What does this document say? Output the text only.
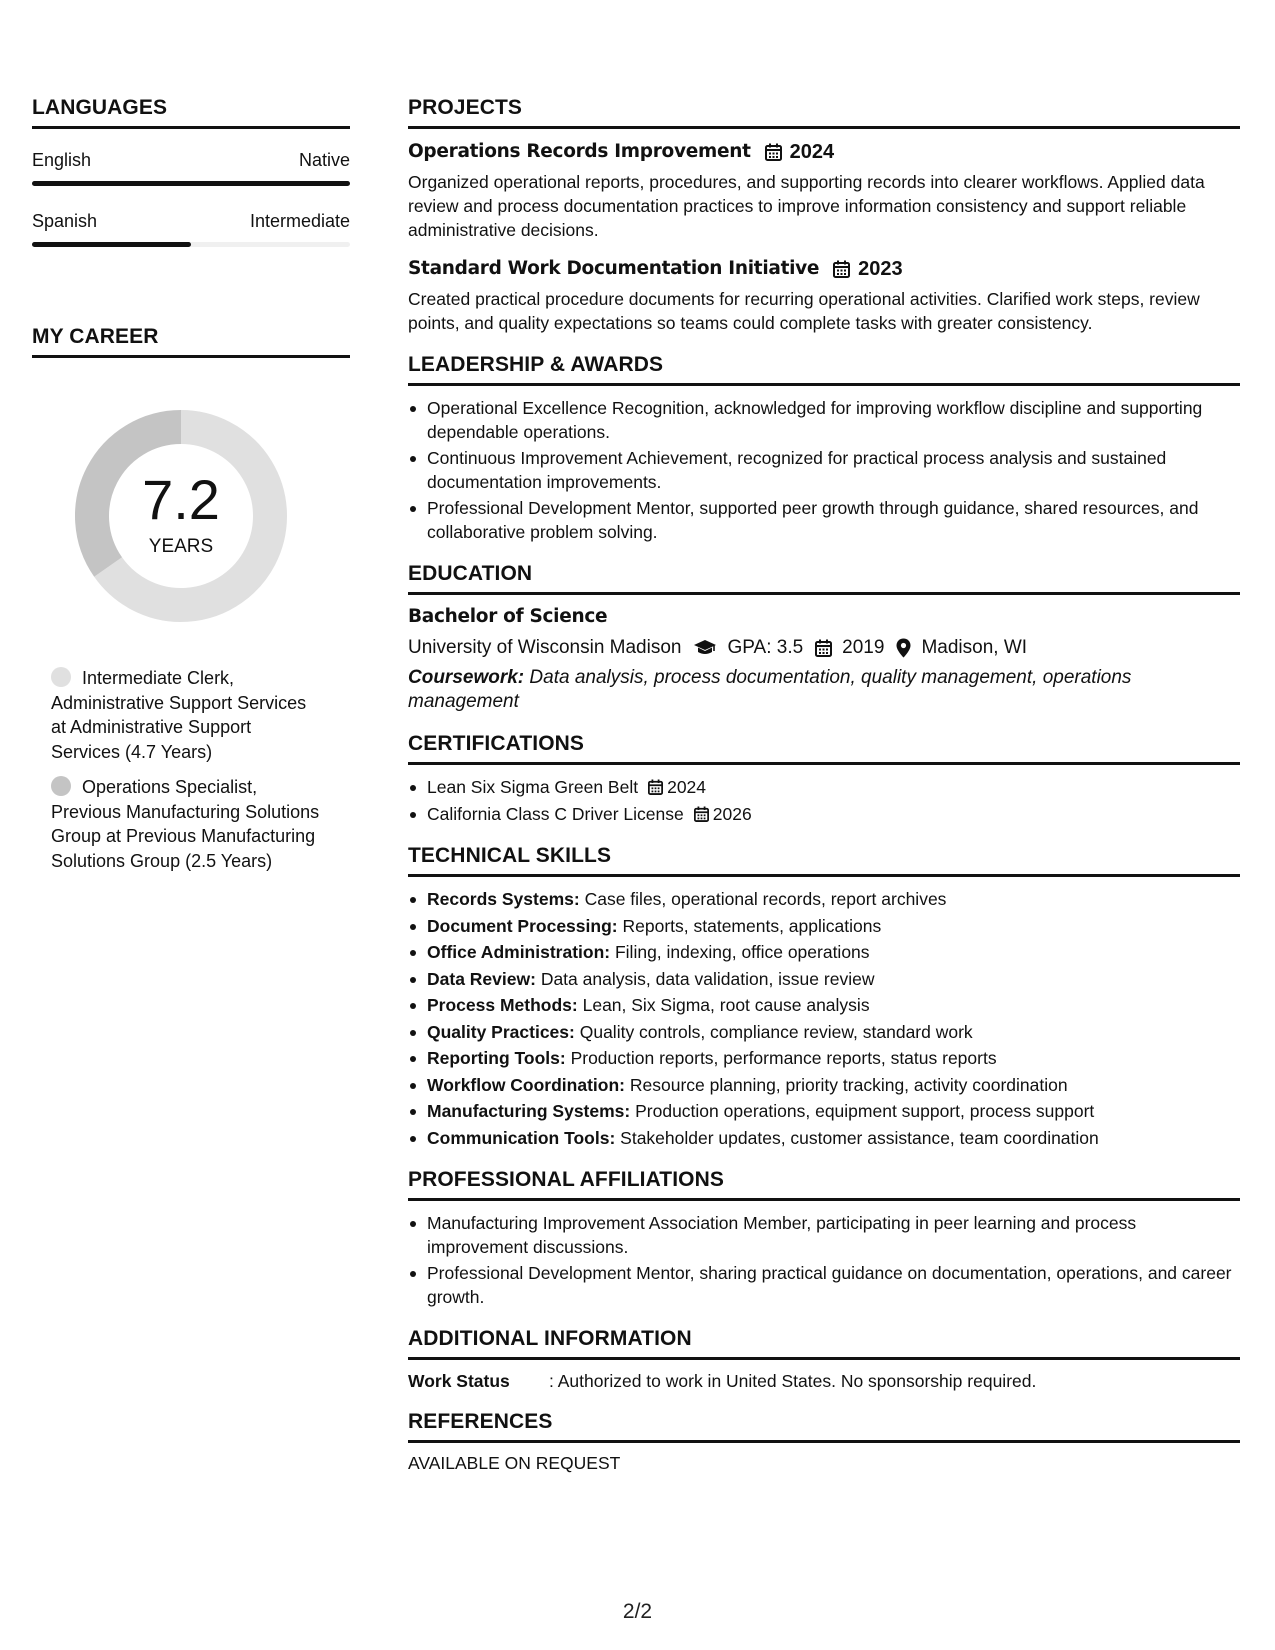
LANGUAGES
English	Native
Spanish	Intermediate
MY CAREER
7.2
YEARS
Intermediate Clerk, Administrative Support Services at Administrative Support Services (4.7 Years)
Operations Specialist, Previous Manufacturing Solutions Group at Previous Manufacturing Solutions Group (2.5 Years)
PROJECTS
Operations Records Improvement 2024
Organized operational reports, procedures, and supporting records into clearer workflows. Applied data review and process documentation practices to improve information consistency and support reliable administrative decisions.
Standard Work Documentation Initiative 2023
Created practical procedure documents for recurring operational activities. Clarified work steps, review points, and quality expectations so teams could complete tasks with greater consistency.
LEADERSHIP & AWARDS
Operational Excellence Recognition, acknowledged for improving workflow discipline and supporting dependable operations.
Continuous Improvement Achievement, recognized for practical process analysis and sustained documentation improvements.
Professional Development Mentor, supported peer growth through guidance, shared resources, and collaborative problem solving.
EDUCATION
Bachelor of Science
University of Wisconsin Madison GPA: 3.5 2019 Madison, WI
Coursework: Data analysis, process documentation, quality management, operations management
CERTIFICATIONS
Lean Six Sigma Green Belt 2024
California Class C Driver License 2026
TECHNICAL SKILLS
Records Systems: Case files, operational records, report archives
Document Processing: Reports, statements, applications
Office Administration: Filing, indexing, office operations
Data Review: Data analysis, data validation, issue review
Process Methods: Lean, Six Sigma, root cause analysis
Quality Practices: Quality controls, compliance review, standard work
Reporting Tools: Production reports, performance reports, status reports
Workflow Coordination: Resource planning, priority tracking, activity coordination
Manufacturing Systems: Production operations, equipment support, process support
Communication Tools: Stakeholder updates, customer assistance, team coordination
PROFESSIONAL AFFILIATIONS
Manufacturing Improvement Association Member, participating in peer learning and process improvement discussions.
Professional Development Mentor, sharing practical guidance on documentation, operations, and career growth.
ADDITIONAL INFORMATION
Work Status	: Authorized to work in United States. No sponsorship required.
REFERENCES
AVAILABLE ON REQUEST
2/2
